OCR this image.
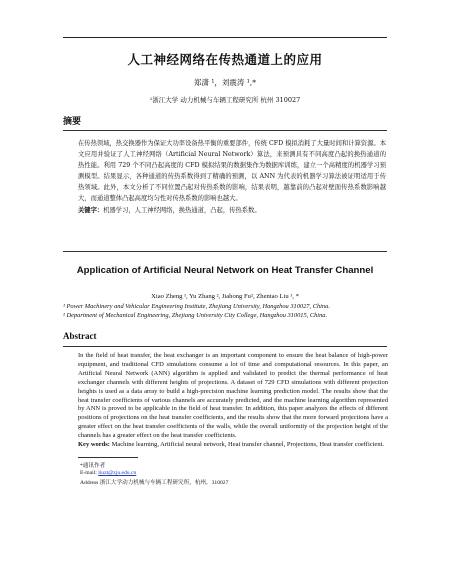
人工神经网络在传热通道上的应用
郑潇 ¹，刘震涛 ¹,*
¹浙江大学 动力机械与车辆工程研究所 杭州 310027
摘要
在传热领域，热交换器作为保证大功率设备热平衡的重要部件，传统 CFD 模拟消耗了大量时间和计算资源。本文应用并验证了人工神经网络（Artificial Neural Network）算法，来预测具有不同高度凸起的换热通道的热性能。利用 729 个不同凸起高度的 CFD 模拟结果的数据集作为数据库训练，建立一个高精度的机器学习预测模型。结果显示，各种通道的传热系数得到了精确的预测，以 ANN 为代表的机器学习算法被证明适用于传热领域。此外，本文分析了不同位置凸起对传热系数的影响，结果表明，越靠前的凸起对壁面传热系数影响越大，而通道整体凸起高度均匀性对传热系数的影响也越大。
关键字：机器学习，人工神经网络，换热通道，凸起，传热系数。
Application of Artificial Neural Network on Heat Transfer Channel
Xiao Zheng ¹, Yu Zhang ², Jiahong Fu², Zhentao Liu ¹, *
¹ Power Machinery and Vehicular Engineering Institute, Zhejiang University, Hangzhou 310027, China.
² Department of Mechanical Engineering, Zhejiang University City College, Hangzhou 310015, China.
Abstract
In the field of heat transfer, the heat exchanger is an important component to ensure the heat balance of high-power equipment, and traditional CFD simulations consume a lot of time and computational resources. In this paper, an Artificial Neural Network (ANN) algorithm is applied and validated to predict the thermal performance of heat exchanger channels with different heights of projections. A dataset of 729 CFD simulations with different projection heights is used as a data array to build a high-precision machine learning prediction model. The results show that the heat transfer coefficients of various channels are accurately predicted, and the machine learning algorithm represented by ANN is proved to be applicable in the field of heat transfer. In addition, this paper analyzes the effects of different positions of projections on the heat transfer coefficients, and the results show that the more forward projections have a greater effect on the heat transfer coefficients of the walls, while the overall uniformity of the projection height of the channels has a greater effect on the heat transfer coefficients.
Key words: Machine learning, Artificial neural network, Heat transfer channel, Projections, Heat transfer coefficient.
*通讯作者
E-mail: liuzt@zju.edu.cn
Address 浙江大学动力机械与车辆工程研究所，杭州，310027
